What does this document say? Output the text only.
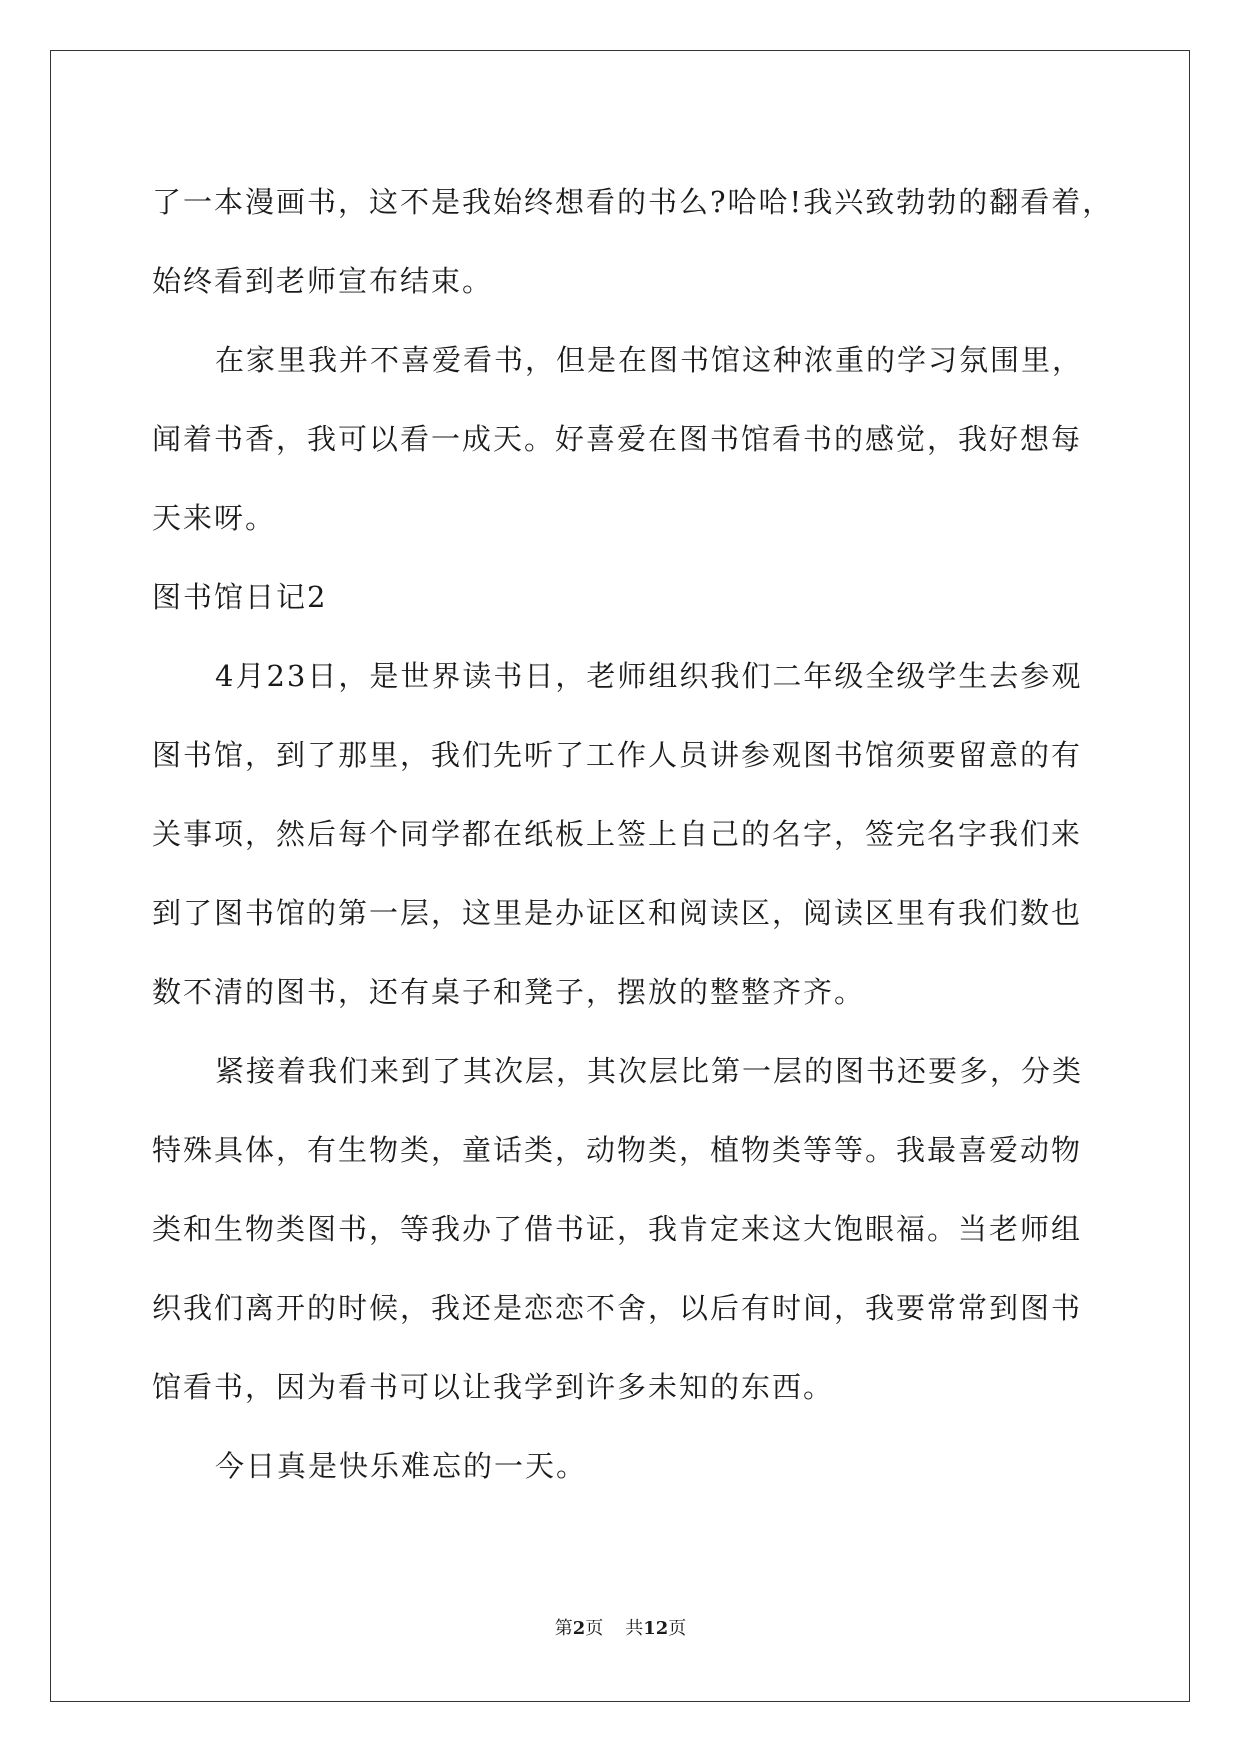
了一本漫画书，这不是我始终想看的书么?哈哈!我兴致勃勃的翻看着，
始终看到老师宣布结束。
在家里我并不喜爱看书，但是在图书馆这种浓重的学习氛围里，
闻着书香，我可以看一成天。好喜爱在图书馆看书的感觉，我好想每
天来呀。
图书馆日记2
4月23日，是世界读书日，老师组织我们二年级全级学生去参观
图书馆，到了那里，我们先听了工作人员讲参观图书馆须要留意的有
关事项，然后每个同学都在纸板上签上自己的名字，签完名字我们来
到了图书馆的第一层，这里是办证区和阅读区，阅读区里有我们数也
数不清的图书，还有桌子和凳子，摆放的整整齐齐。
紧接着我们来到了其次层，其次层比第一层的图书还要多，分类
特殊具体，有生物类，童话类，动物类，植物类等等。我最喜爱动物
类和生物类图书，等我办了借书证，我肯定来这大饱眼福。当老师组
织我们离开的时候，我还是恋恋不舍，以后有时间，我要常常到图书
馆看书，因为看书可以让我学到许多未知的东西。
今日真是快乐难忘的一天。
第2页 共12页
